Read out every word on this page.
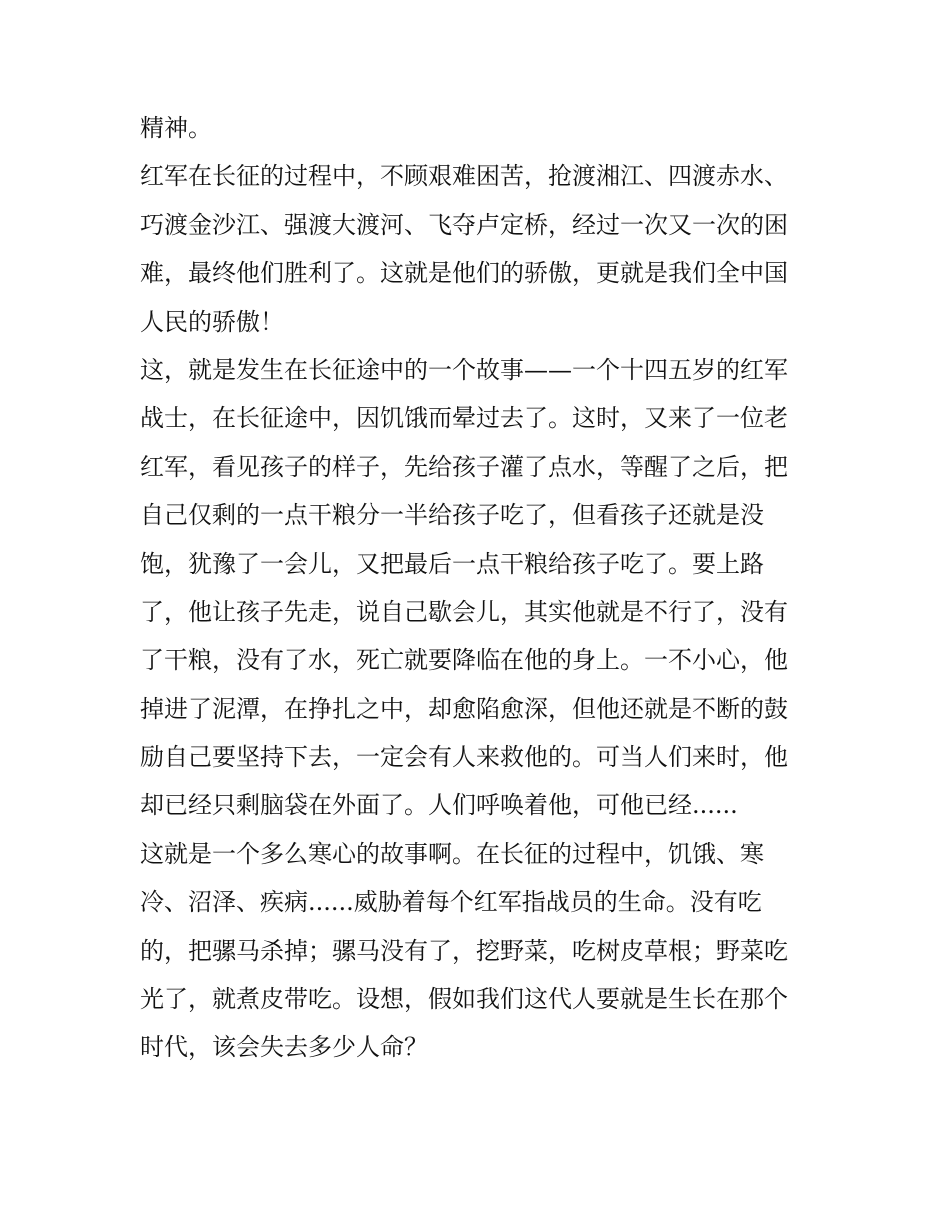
精神。
红军在长征的过程中，不顾艰难困苦，抢渡湘江、四渡赤水、
巧渡金沙江、强渡大渡河、飞夺卢定桥，经过一次又一次的困
难，最终他们胜利了。这就是他们的骄傲，更就是我们全中国
人民的骄傲！
这，就是发生在长征途中的一个故事——一个十四五岁的红军
战士，在长征途中，因饥饿而晕过去了。这时，又来了一位老
红军，看见孩子的样子，先给孩子灌了点水，等醒了之后，把
自己仅剩的一点干粮分一半给孩子吃了，但看孩子还就是没
饱，犹豫了一会儿，又把最后一点干粮给孩子吃了。要上路
了，他让孩子先走，说自己歇会儿，其实他就是不行了，没有
了干粮，没有了水，死亡就要降临在他的身上。一不小心，他
掉进了泥潭，在挣扎之中，却愈陷愈深，但他还就是不断的鼓
励自己要坚持下去，一定会有人来救他的。可当人们来时，他
却已经只剩脑袋在外面了。人们呼唤着他，可他已经......
这就是一个多么寒心的故事啊。在长征的过程中，饥饿、寒
冷、沼泽、疾病......威胁着每个红军指战员的生命。没有吃
的，把骡马杀掉；骡马没有了，挖野菜，吃树皮草根；野菜吃
光了，就煮皮带吃。设想，假如我们这代人要就是生长在那个
时代，该会失去多少人命？
